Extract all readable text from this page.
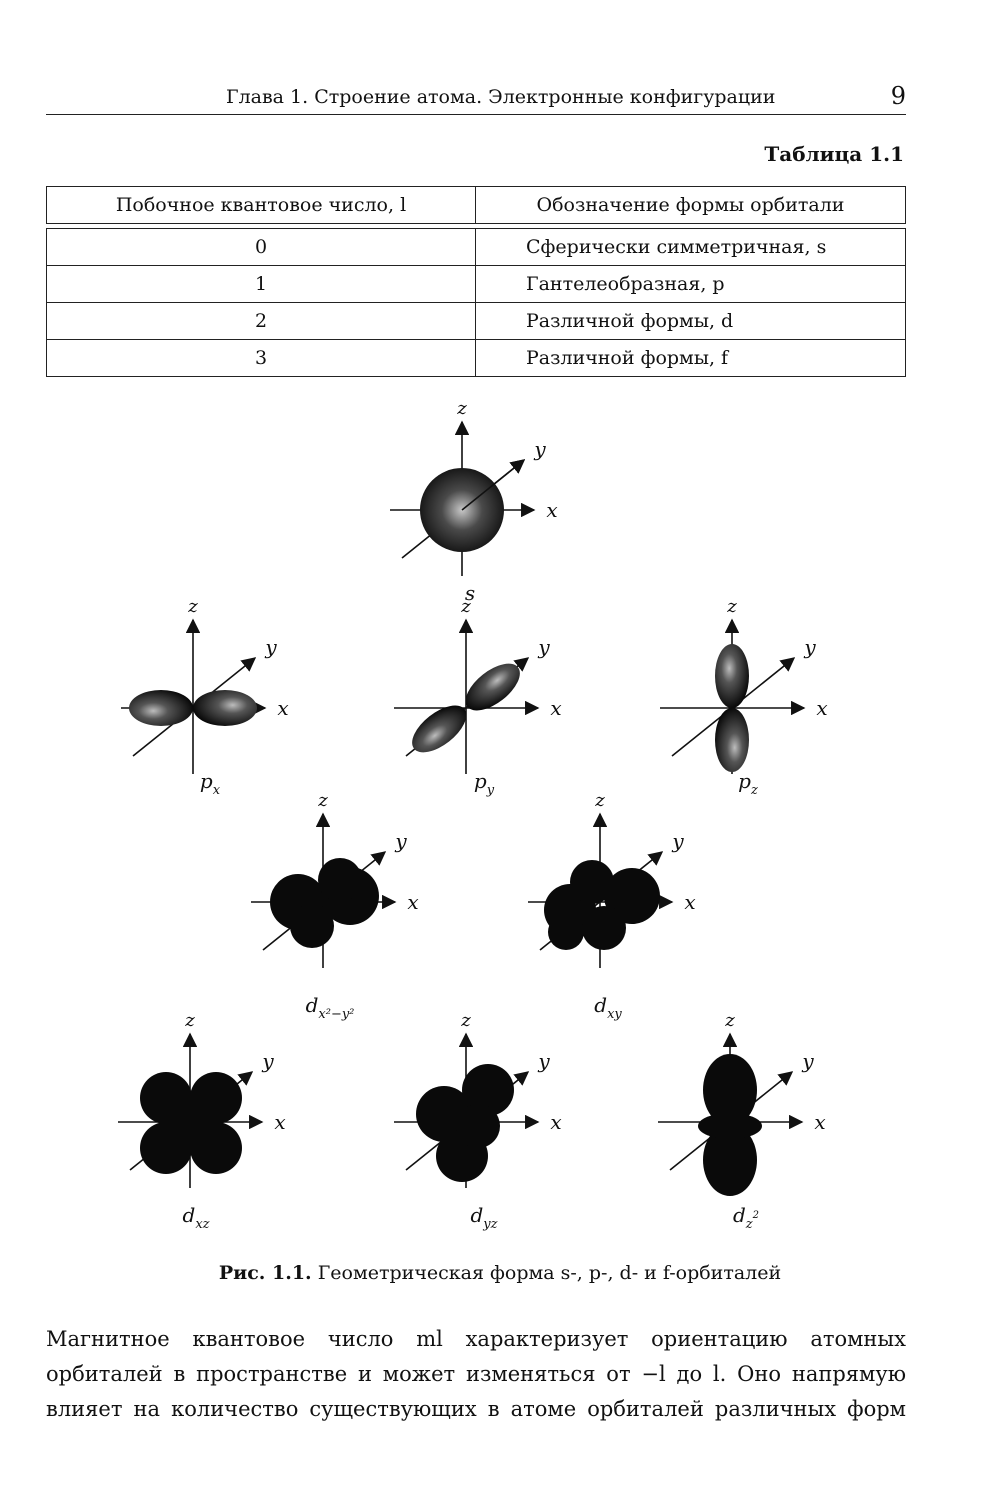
Глава 1. Строение атома. Электронные конфигурации	9
Таблица 1.1
Побочное квантовое число, l	Обозначение формы орбитали

0	Сферически симметричная, s
1	Гантелеобразная, p
2	Различной формы, d
3	Различной формы, f
x
z
y
s
x
z
y
$p_x$
x
z
y
$p_y$
x
z
y
$p_z$
x
z
y
$d_{x^2-y^2}$
x
z
y
$d_{xy}$
x
z
y
$d_{xz}$
x
z
y
$d_{yz}$
x
z
y
$d_z^2$
Рис. 1.1. Геометрическая форма s-, p-, d- и f-орбиталей
Магнитное квантовое число ml характеризует ориентацию атомных
орбиталей в пространстве и может изменяться от −l до l. Оно напрямую
влияет на количество существующих в атоме орбиталей различных форм
